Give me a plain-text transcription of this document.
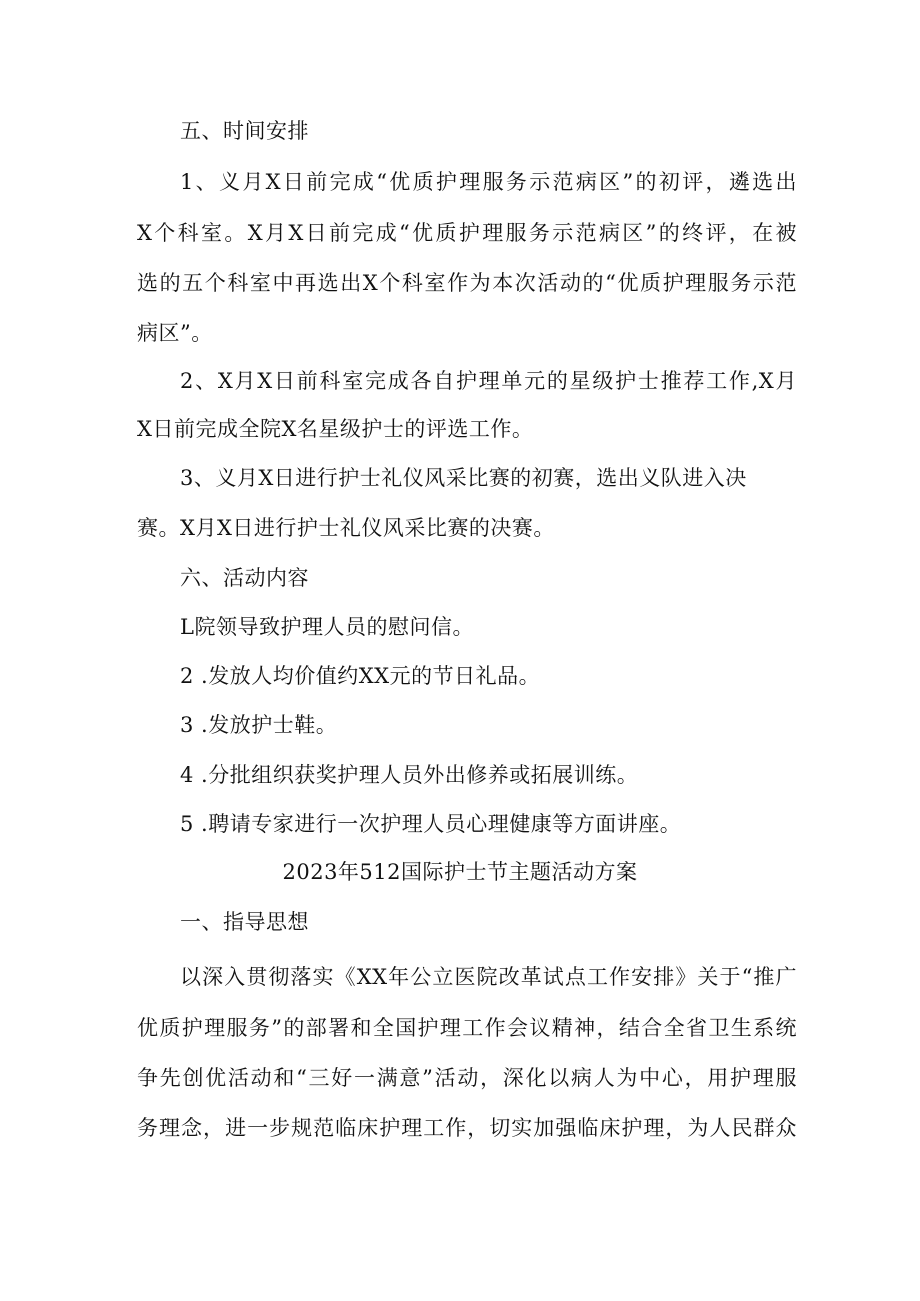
五、时间安排
1、义月X日前完成“优质护理服务示范病区”的初评，遴选出
X个科室。X月X日前完成“优质护理服务示范病区”的终评，在被
选的五个科室中再选出X个科室作为本次活动的“优质护理服务示范
病区”。
2、X月X日前科室完成各自护理单元的星级护士推荐工作,X月
X日前完成全院X名星级护士的评选工作。
3、义月X日进行护士礼仪风采比赛的初赛，选出义队进入决
赛。X月X日进行护士礼仪风采比赛的决赛。
六、活动内容
L院领导致护理人员的慰问信。
2 .发放人均价值约XX元的节日礼品。
3 .发放护士鞋。
4 .分批组织获奖护理人员外出修养或拓展训练。
5 .聘请专家进行一次护理人员心理健康等方面讲座。
2023年512国际护士节主题活动方案
一、指导思想
以深入贯彻落实《XX年公立医院改革试点工作安排》关于“推广
优质护理服务”的部署和全国护理工作会议精神，结合全省卫生系统
争先创优活动和“三好一满意”活动，深化以病人为中心，用护理服
务理念，进一步规范临床护理工作，切实加强临床护理，为人民群众
